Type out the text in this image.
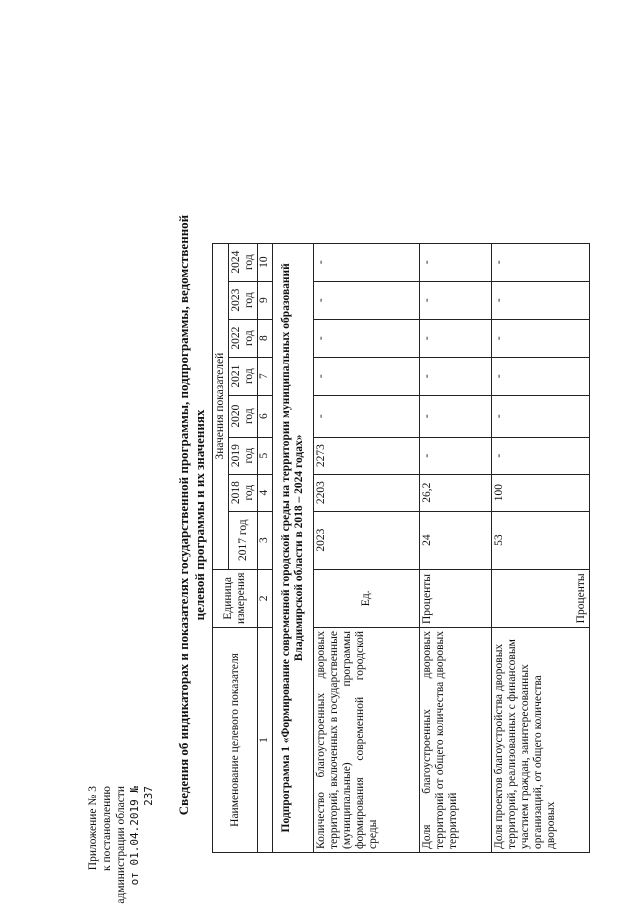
Приложение № 3 к постановлению администрации области от 01.04.2019 № 237 Сведения об индикаторах и показателях государственной программы, подпрограммы, ведомственной целевой программы и их значениях
Наименование целевого показателя	Единица измерения	Значения показателей							
		2017 год	2018 год	2019 год	2020 год	2021 год	2022 год	2023 год	2024 год
1	2	3	4	5	6	7	8	9	10
Подпрограмма 1 «Формирование современной городской среды на территории муниципальных образований Владимирской области в 2018 – 2024 годах»									
Количество благоустроенных дворовых территорий, включенных в государственные (муниципальные) программы формирования современной городской среды	Ед.	2023	2203	2273	-	-	-	-	-
Доля благоустроенных дворовых территорий от общего количества дворовых территорий	Проценты	24	26,2	-	-	-	-	-	-
Доля проектов благоустройства дворовых территорий, реализованных с финансовым участием граждан, заинтересованных организаций, от общего количества дворовых	Проценты	53	100	-	-	-	-	-	-
